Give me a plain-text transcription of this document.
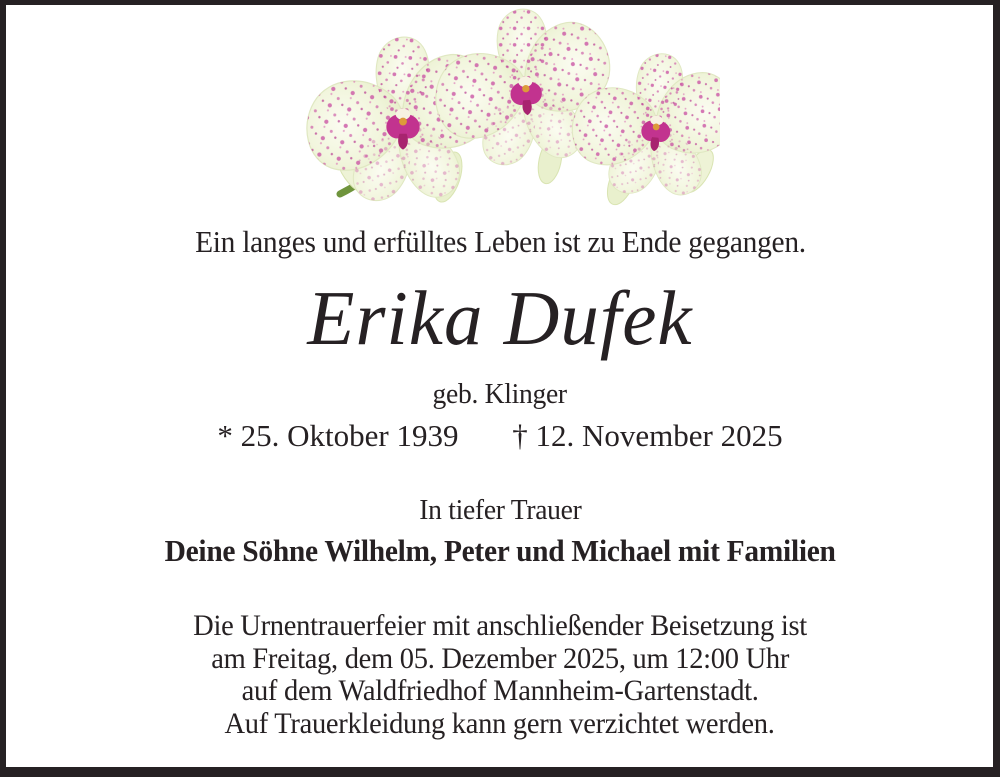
Ein langes und erfülltes Leben ist zu Ende gegangen.
Erika Dufek
geb. Klinger
* 25. Oktober 1939 † 12. November 2025
In tiefer Trauer
Deine Söhne Wilhelm, Peter und Michael mit Familien
Die Urnentrauerfeier mit anschließender Beisetzung ist
am Freitag, dem 05. Dezember 2025, um 12:00 Uhr
auf dem Waldfriedhof Mannheim-Gartenstadt.
Auf Trauerkleidung kann gern verzichtet werden.
